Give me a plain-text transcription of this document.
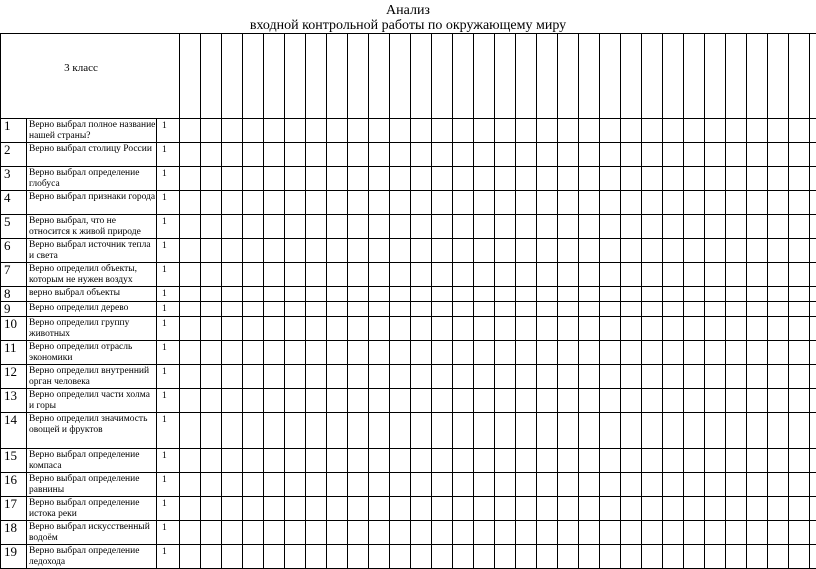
Анализ
входной контрольной работы по окружающему миру
3 класс																																		
1	Верно выбрал полное название нашей страны?	1																																
2	Верно выбрал столицу России	1																																
3	Верно выбрал определение глобуса	1																																
4	Верно выбрал признаки города	1																																
5	Верно выбрал, что не относится к живой природе	1																																
6	Верно выбрал источник тепла и света	1																																
7	Верно определил объекты, которым не нужен воздух	1																																
8	верно выбрал объекты	1																																
9	Верно определил дерево	1																																
10	Верно определил группу животных	1																																
11	Верно определил отрасль экономики	1																																
12	Верно определил внутренний орган человека	1																																
13	Верно определил части холма и горы	1																																
14	Верно определил значимость овощей и фруктов	1																																
15	Верно выбрал определение компаса	1																																
16	Верно выбрал определение равнины	1																																
17	Верно выбрал определение истока реки	1																																
18	Верно выбрал искусственный водоём	1																																
19	Верно выбрал определение ледохода	1																																
